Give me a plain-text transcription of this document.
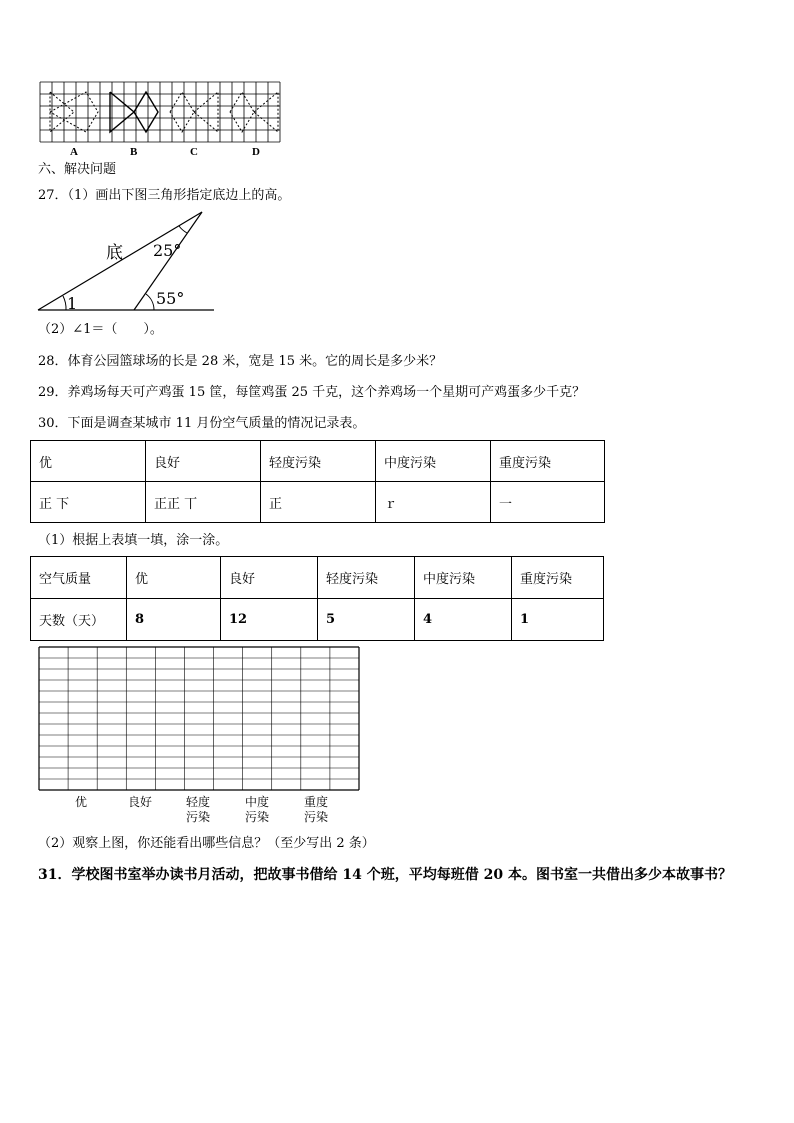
A	B	C	D
六、解决问题
27．（1）画出下图三角形指定底边上的高。
底 25°
55°
1
（2）∠1＝（　　）。
28．体育公园篮球场的长是 28 米，宽是 15 米。它的周长是多少米？
29．养鸡场每天可产鸡蛋 15 筐，每筐鸡蛋 25 千克，这个养鸡场一个星期可产鸡蛋多少千克？
30．下面是调查某城市 11 月份空气质量的情况记录表。
优	良好	轻度污染	中度污染	重度污染
正 下	正正 丅	正	ｒ	一
（1）根据上表填一填，涂一涂。
空气质量	优	良好	轻度污染	中度污染	重度污染
天数（天）	8	12	5	4	1
优	良好	轻度
污染
中度
污染
重度
污染
（2）观察上图，你还能看出哪些信息？（至少写出 2 条）
31．学校图书室举办读书月活动，把故事书借给 14 个班，平均每班借 20 本。图书室一共借出多少本故事书？
